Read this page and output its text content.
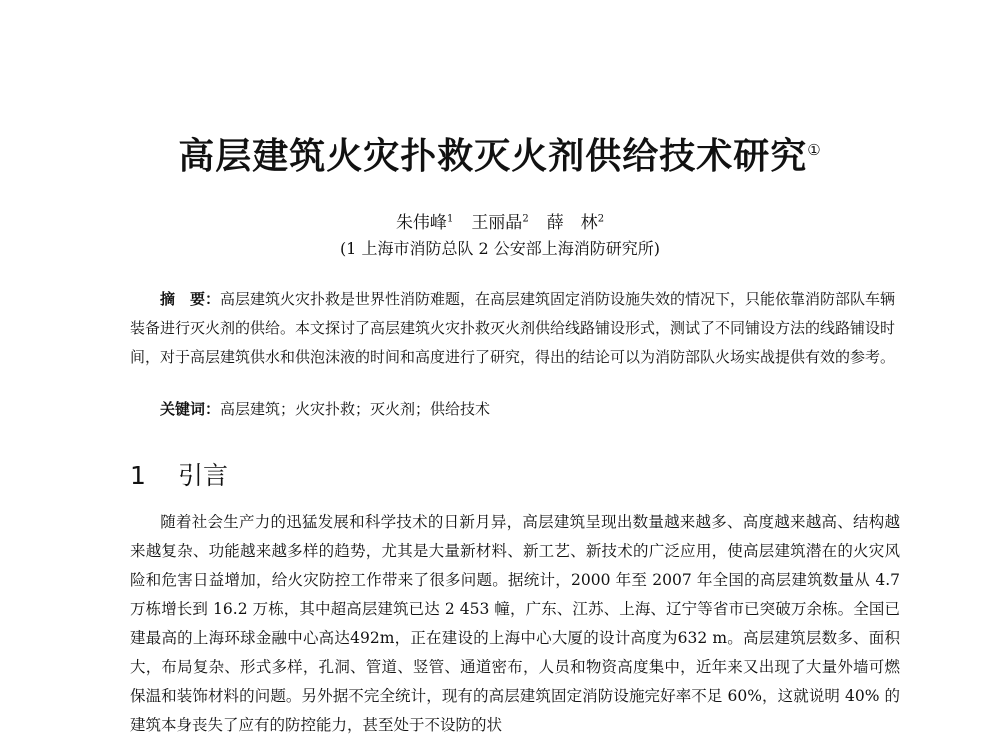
高层建筑火灾扑救灭火剂供给技术研究①
朱伟峰$^1$ 王丽晶$^2$ 薛　林$^2$
(1 上海市消防总队 2 公安部上海消防研究所)
摘　要：高层建筑火灾扑救是世界性消防难题，在高层建筑固定消防设施失效的情况下，只能依靠消防部队车辆装备进行灭火剂的供给。本文探讨了高层建筑火灾扑救灭火剂供给线路铺设形式，测试了不同铺设方法的线路铺设时间，对于高层建筑供水和供泡沫液的时间和高度进行了研究，得出的结论可以为消防部队火场实战提供有效的参考。
关键词：高层建筑；火灾扑救；灭火剂；供给技术
1 引言

随着社会生产力的迅猛发展和科学技术的日新月异，高层建筑呈现出数量越来越多、高度越来越高、结构越来越复杂、功能越来越多样的趋势，尤其是大量新材料、新工艺、新技术的广泛应用，使高层建筑潜在的火灾风险和危害日益增加，给火灾防控工作带来了很多问题。据统计，2000 年至 2007 年全国的高层建筑数量从 4.7 万栋增长到 16.2 万栋，其中超高层建筑已达 2 453 幢，广东、江苏、上海、辽宁等省市已突破万余栋。全国已建最高的上海环球金融中心高达492m，正在建设的上海中心大厦的设计高度为632 m。高层建筑层数多、面积大，布局复杂、形式多样，孔洞、管道、竖管、通道密布，人员和物资高度集中，近年来又出现了大量外墙可燃保温和装饰材料的问题。另外据不完全统计，现有的高层建筑固定消防设施完好率不足 60%，这就说明 40% 的建筑本身丧失了应有的防控能力，甚至处于不设防的状
